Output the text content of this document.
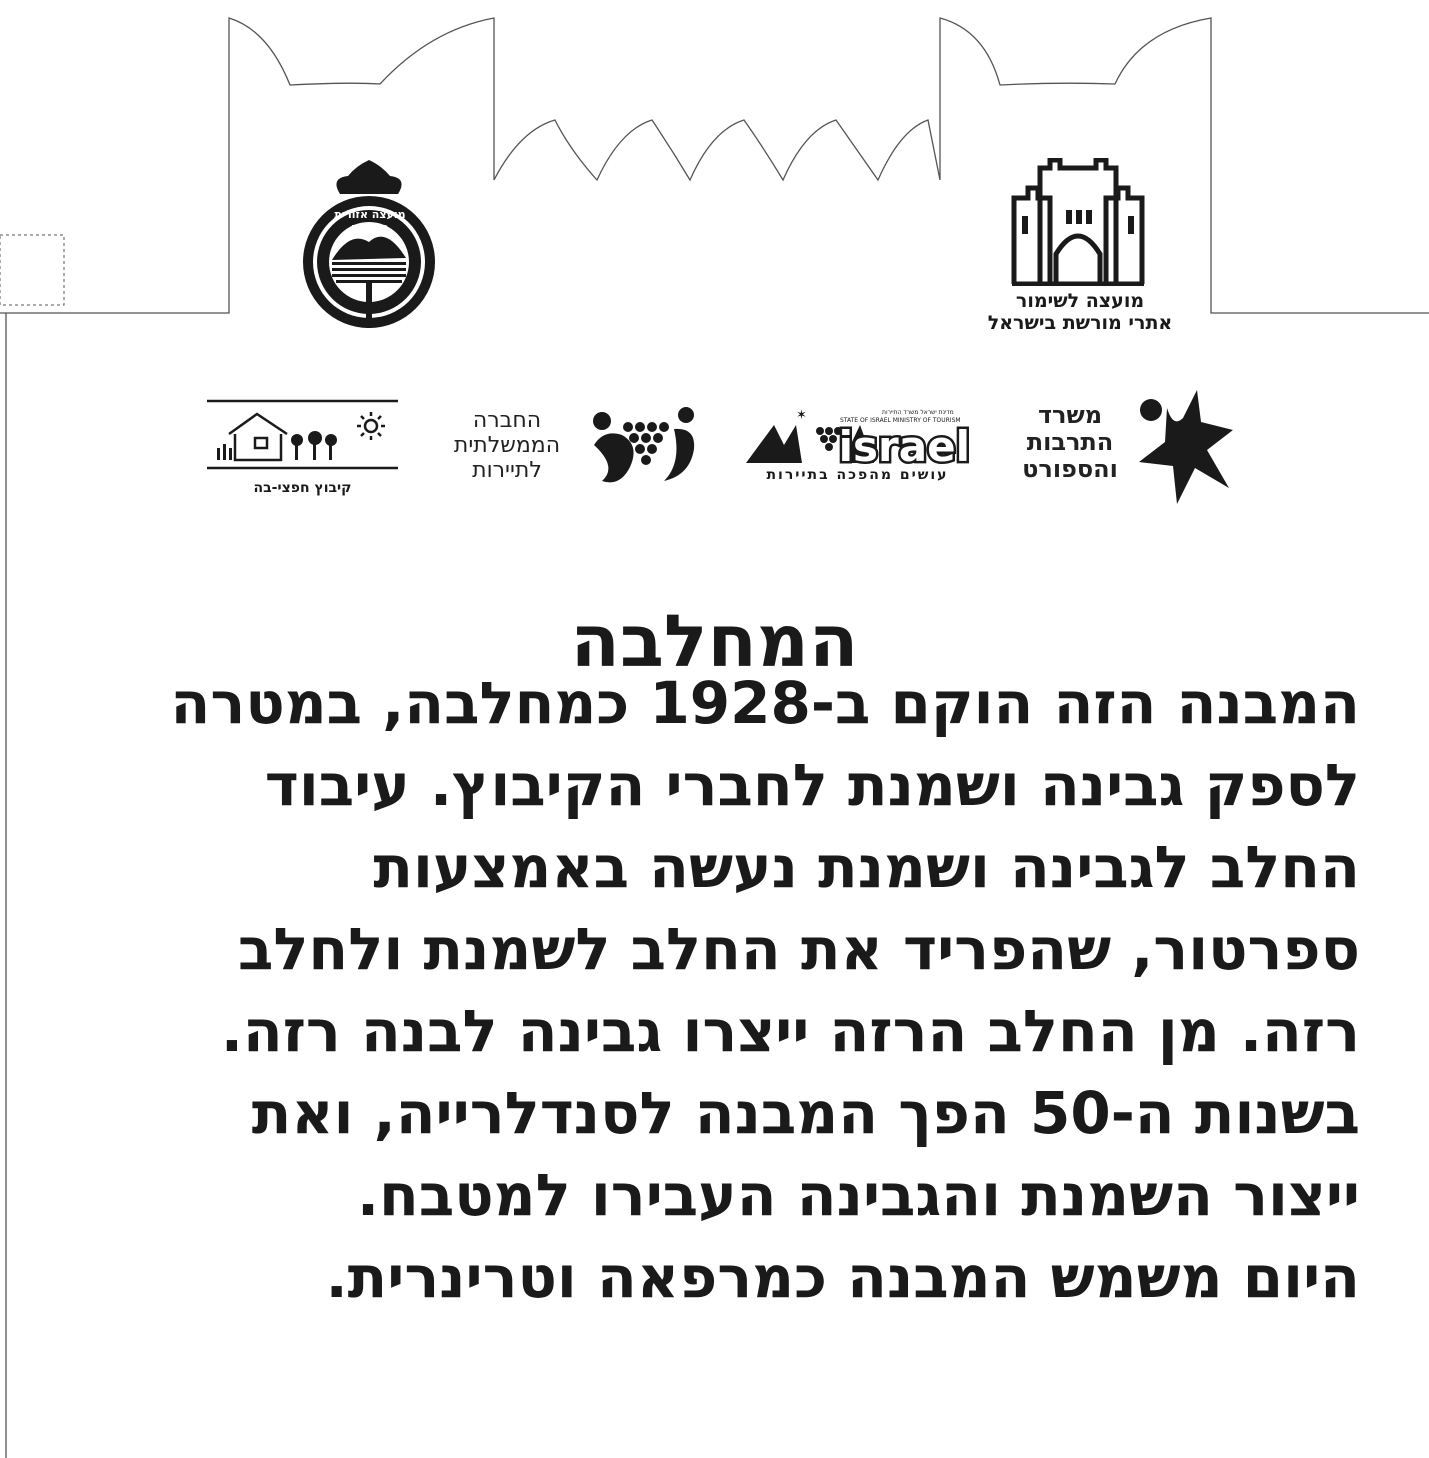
מועצה אזורית הגלבוע
מועצה לשימור
אתרי מורשת בישראל
משרד
התרבות
והספורט
✶	מדינת ישראל משרד התיירות
STATE OF ISRAEL MINISTRY OF TOURISM
israel
עושים מהפכה בתיירות
החברה
הממשלתית
לתיירות
קיבוץ חפצי-בה
המחלבה
המבנה הזה הוקם ב-1928 כמחלבה, במטרה
לספק גבינה ושמנת לחברי הקיבוץ. עיבוד
החלב לגבינה ושמנת נעשה באמצעות
ספרטור, שהפריד את החלב לשמנת ולחלב
רזה. מן החלב הרזה ייצרו גבינה לבנה רזה.
בשנות ה-50 הפך המבנה לסנדלרייה, ואת
ייצור השמנת והגבינה העבירו למטבח.
היום משמש המבנה כמרפאה וטרינרית.
